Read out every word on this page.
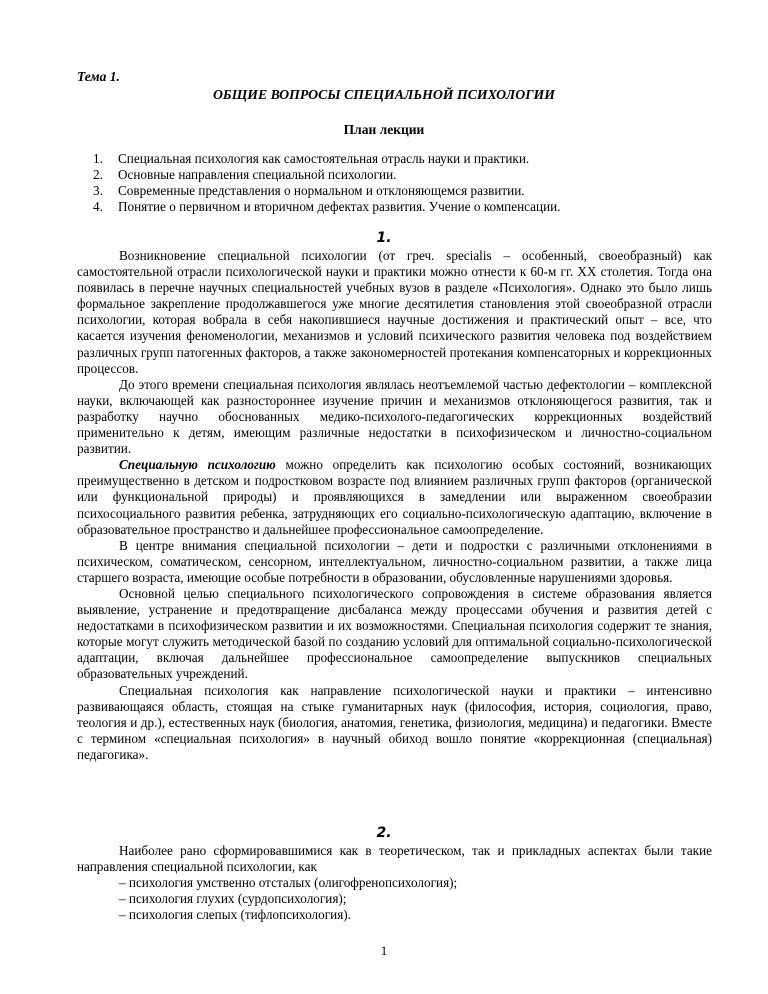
Тема 1.
ОБЩИЕ ВОПРОСЫ СПЕЦИАЛЬНОЙ ПСИХОЛОГИИ
План лекции
1.	Специальная психология как самостоятельная отрасль науки и практики.
2.	Основные направления специальной психологии.
3.	Современные представления о нормальном и отклоняющемся развитии.
4.	Понятие о первичном и вторичном дефектах развития. Учение о компенсации.
1.

Возникновение специальной психологии (от греч. specialis – особенный, своеобразный) как самостоятельной отрасли психологической науки и практики можно отнести к 60-м гг. XX столетия. Тогда она появилась в перечне научных специальностей учебных вузов в разделе «Психология». Однако это было лишь формальное закрепление продолжавшегося уже многие десятилетия становления этой своеобразной отрасли психологии, которая вобрала в себя накопившиеся научные достижения и практический опыт – все, что касается изучения феноменологии, механизмов и условий психического развития человека под воздействием различных групп патогенных факторов, а также закономерностей протекания компенсаторных и коррекционных процессов.

До этого времени специальная психология являлась неотъемлемой частью дефектологии – комплексной науки, включающей как разностороннее изучение причин и механизмов отклоняющегося развития, так и разработку научно обоснованных медико-психолого-педагогических коррекционных воздействий применительно к детям, имеющим различные недостатки в психофизическом и личностно-социальном развитии.

Специальную психологию можно определить как психологию особых состояний, возникающих преимущественно в детском и подростковом возрасте под влиянием различных групп факторов (органической или функциональной природы) и проявляющихся в замедлении или выраженном своеобразии психосоциального развития ребенка, затрудняющих его социально-психологическую адаптацию, включение в образовательное пространство и дальнейшее профессиональное самоопределение.

В центре внимания специальной психологии – дети и подростки с различными отклонениями в психическом, соматическом, сенсорном, интеллектуальном, личностно-социальном развитии, а также лица старшего возраста, имеющие особые потребности в образовании, обусловленные нарушениями здоровья.

Основной целью специального психологического сопровождения в системе образования является выявление, устранение и предотвращение дисбаланса между процессами обучения и развития детей с недостатками в психофизическом развитии и их возможностями. Специальная психология содержит те знания, которые могут служить методической базой по созданию условий для оптимальной социально-психологической адаптации, включая дальнейшее профессиональное самоопределение выпускников специальных образовательных учреждений.

Специальная психология как направление психологической науки и практики – интенсивно развивающаяся область, стоящая на стыке гуманитарных наук (философия, история, социология, право, теология и др.), естественных наук (биология, анатомия, генетика, физиология, медицина) и педагогики. Вместе с термином «специальная психология» в научный обиход вошло понятие «коррекционная (специальная) педагогика».

2.

Наиболее рано сформировавшимися как в теоретическом, так и прикладных аспектах были такие направления специальной психологии, как

– психология умственно отсталых (олигофренопсихология);

– психология глухих (сурдопсихология);

– психология слепых (тифлопсихология).

1
